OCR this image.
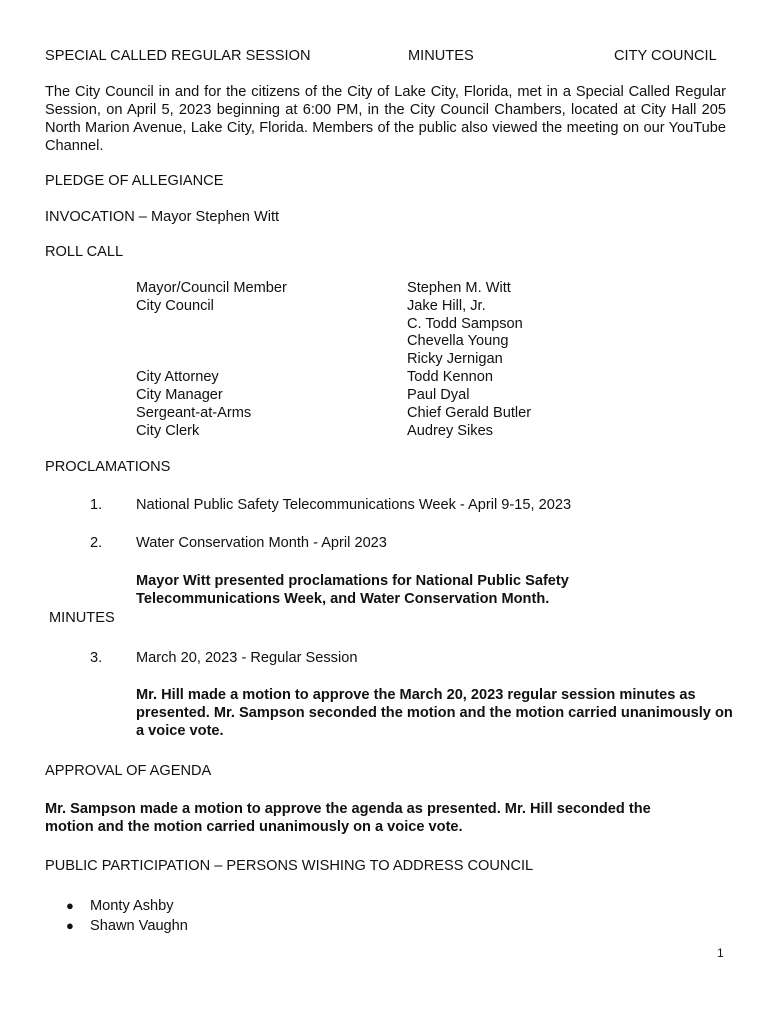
SPECIAL CALLED REGULAR SESSION	MINUTES	CITY COUNCIL
The City Council in and for the citizens of the City of Lake City, Florida, met in a Special Called Regular Session, on April 5, 2023 beginning at 6:00 PM, in the City Council Chambers, located at City Hall 205 North Marion Avenue, Lake City, Florida. Members of the public also viewed the meeting on our YouTube Channel.
PLEDGE OF ALLEGIANCE
INVOCATION – Mayor Stephen Witt
ROLL CALL
Mayor/Council Member
City Council
City Attorney
City Manager
Sergeant-at-Arms
City Clerk
Stephen M. Witt
Jake Hill, Jr.
C. Todd Sampson
Chevella Young
Ricky Jernigan
Todd Kennon
Paul Dyal
Chief Gerald Butler
Audrey Sikes
PROCLAMATIONS
1. National Public Safety Telecommunications Week - April 9-15, 2023
2. Water Conservation Month - April 2023
Mayor Witt presented proclamations for National Public Safety Telecommunications Week, and Water Conservation Month.
MINUTES
3. March 20, 2023 - Regular Session
Mr. Hill made a motion to approve the March 20, 2023 regular session minutes as presented. Mr. Sampson seconded the motion and the motion carried unanimously on a voice vote.
APPROVAL OF AGENDA
Mr. Sampson made a motion to approve the agenda as presented. Mr. Hill seconded the motion and the motion carried unanimously on a voice vote.
PUBLIC PARTICIPATION – PERSONS WISHING TO ADDRESS COUNCIL
● Monty Ashby
● Shawn Vaughn
1
